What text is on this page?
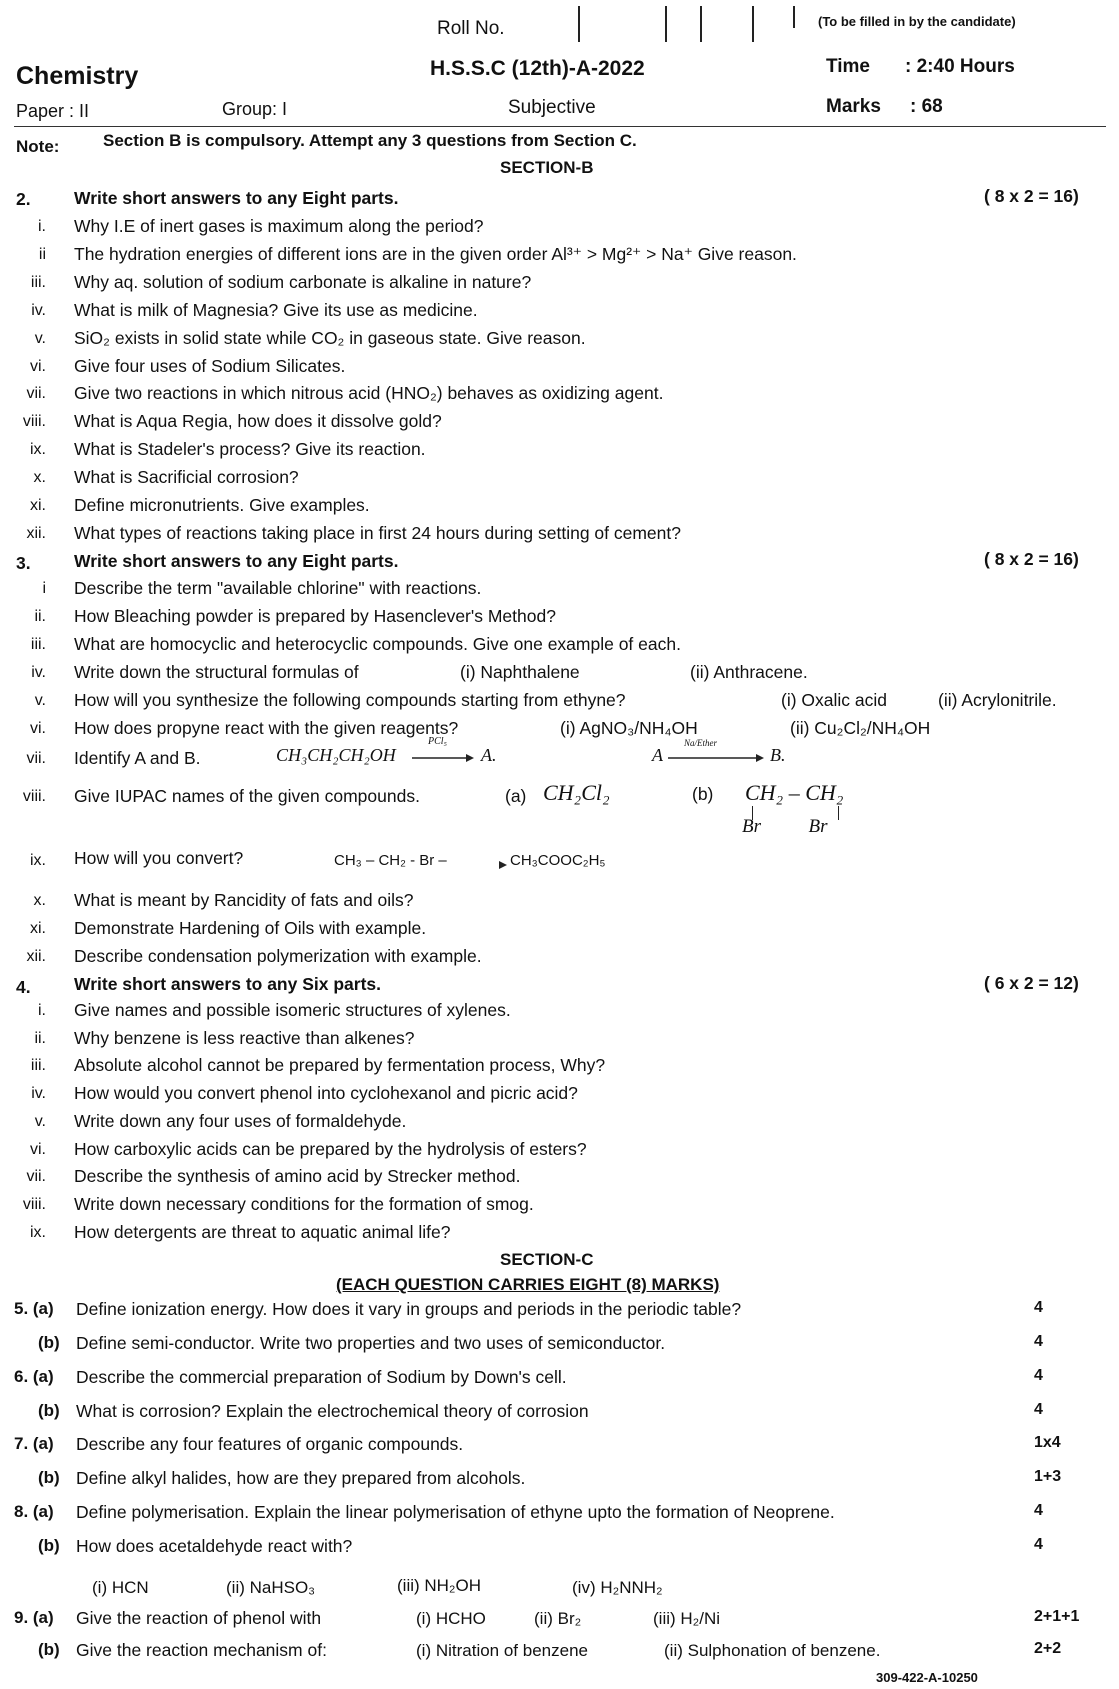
Roll No.	(To be filled in by the candidate)
Chemistry	H.S.S.C (12th)-A-2022	Time : 2:40 Hours
Paper : II	Group: I	Subjective	Marks : 68
Note:	Section B is compulsory. Attempt any 3 questions from Section C.
SECTION-B
2. Write short answers to any Eight parts.	( 8 x 2 = 16)
i. Why I.E of inert gases is maximum along the period?
ii The hydration energies of different ions are in the given order Al³⁺ > Mg²⁺ > Na⁺ Give reason.
iii. Why aq. solution of sodium carbonate is alkaline in nature?
iv. What is milk of Magnesia? Give its use as medicine.
v. SiO₂ exists in solid state while CO₂ in gaseous state. Give reason.
vi. Give four uses of Sodium Silicates.
vii. Give two reactions in which nitrous acid (HNO₂) behaves as oxidizing agent.
viii. What is Aqua Regia, how does it dissolve gold?
ix. What is Stadeler's process? Give its reaction.
x. What is Sacrificial corrosion?
xi. Define micronutrients. Give examples.
xii. What types of reactions taking place in first 24 hours during setting of cement?
3. Write short answers to any Eight parts.	( 8 x 2 = 16)
i Describe the term "available chlorine" with reactions.
ii. How Bleaching powder is prepared by Hasenclever's Method?
iii. What are homocyclic and heterocyclic compounds. Give one example of each.
iv. Write down the structural formulas of	(i) Naphthalene	(ii) Anthracene.
v. How will you synthesize the following compounds starting from ethyne?	(i) Oxalic acid	(ii) Acrylonitrile.
vi. How does propyne react with the given reagents?	(i) AgNO₃/NH₄OH	(ii) Cu₂Cl₂/NH₄OH
vii. Identify A and B.	CH₃CH₂CH₂OH
PCl₅
A.	A
Na/Ether
B.
viii. Give IUPAC names of the given compounds.	(a) CH₂Cl₂	(b) CH₂ – CH₂
Br          Br
ix. How will you convert?	CH₃ – CH₂ - Br –	CH₃COOC₂H₅
x. What is meant by Rancidity of fats and oils?
xi. Demonstrate Hardening of Oils with example.
xii. Describe condensation polymerization with example.
4. Write short answers to any Six parts.	( 6 x 2 = 12)
i. Give names and possible isomeric structures of xylenes.
ii. Why benzene is less reactive than alkenes?
iii. Absolute alcohol cannot be prepared by fermentation process, Why?
iv. How would you convert phenol into cyclohexanol and picric acid?
v. Write down any four uses of formaldehyde.
vi. How carboxylic acids can be prepared by the hydrolysis of esters?
vii. Describe the synthesis of amino acid by Strecker method.
viii. Write down necessary conditions for the formation of smog.
ix. How detergents are threat to aquatic animal life?
SECTION-C
(EACH QUESTION CARRIES EIGHT (8) MARKS)
5. (a) Define ionization energy. How does it vary in groups and periods in the periodic table?	4
(b) Define semi-conductor. Write two properties and two uses of semiconductor.	4
6. (a) Describe the commercial preparation of Sodium by Down's cell.	4
(b) What is corrosion? Explain the electrochemical theory of corrosion	4
7. (a) Describe any four features of organic compounds.	1x4
(b) Define alkyl halides, how are they prepared from alcohols.	1+3
8. (a) Define polymerisation. Explain the linear polymerisation of ethyne upto the formation of Neoprene.	4
(b) How does acetaldehyde react with?	4
9. (a) Give the reaction of phenol with	2+1+1
(b) Give the reaction mechanism of:	2+2
(i) HCN	(ii) NaHSO₃	(iii) NH₂OH	(iv) H₂NNH₂
(i) HCHO	(ii) Br₂	(iii) H₂/Ni
(i) Nitration of benzene	(ii) Sulphonation of benzene.
309-422-A-10250
